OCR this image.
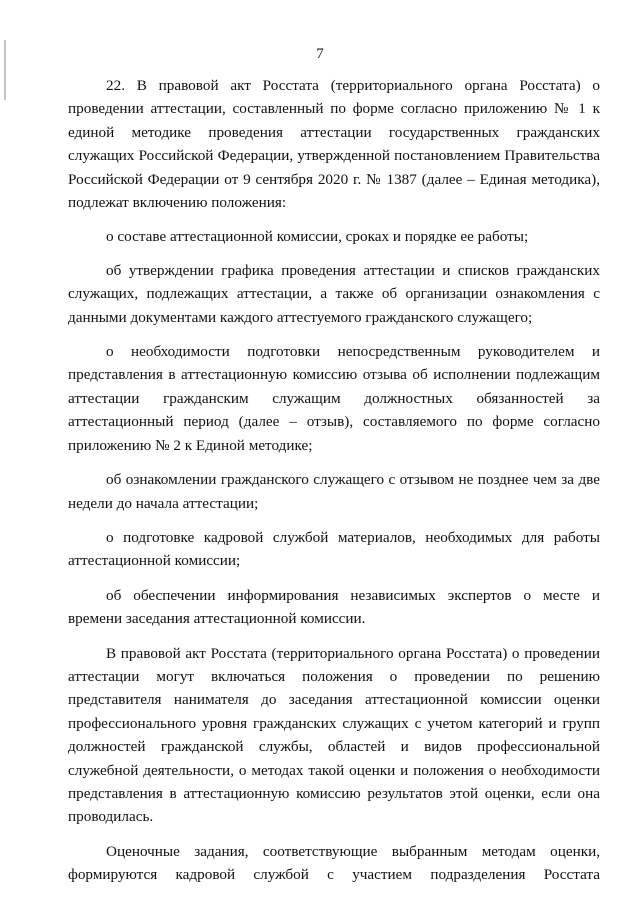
7

22. В правовой акт Росстата (территориального органа Росстата) о проведении аттестации, составленный по форме согласно приложению № 1 к единой методике проведения аттестации государственных гражданских служащих Российской Федерации, утвержденной постановлением Правительства Российской Федерации от 9 сентября 2020 г. № 1387 (далее – Единая методика), подлежат включению положения:

о составе аттестационной комиссии, сроках и порядке ее работы;

об утверждении графика проведения аттестации и списков гражданских служащих, подлежащих аттестации, а также об организации ознакомления с данными документами каждого аттестуемого гражданского служащего;

о необходимости подготовки непосредственным руководителем и представления в аттестационную комиссию отзыва об исполнении подлежащим аттестации гражданским служащим должностных обязанностей за аттестационный период (далее – отзыв), составляемого по форме согласно приложению № 2 к Единой методике;

об ознакомлении гражданского служащего с отзывом не позднее чем за две недели до начала аттестации;

о подготовке кадровой службой материалов, необходимых для работы аттестационной комиссии;

об обеспечении информирования независимых экспертов о месте и времени заседания аттестационной комиссии.

В правовой акт Росстата (территориального органа Росстата) о проведении аттестации могут включаться положения о проведении по решению представителя нанимателя до заседания аттестационной комиссии оценки профессионального уровня гражданских служащих с учетом категорий и групп должностей гражданской службы, областей и видов профессиональной служебной деятельности, о методах такой оценки и положения о необходимости представления в аттестационную комиссию результатов этой оценки, если она проводилась.

Оценочные задания, соответствующие выбранным методам оценки, формируются кадровой службой с участием подразделения Росстата
